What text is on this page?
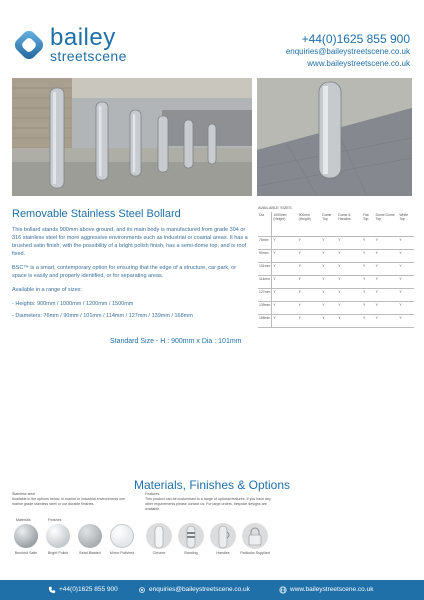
bailey
streetscene
+44(0)1625 855 900
enquiries@baileystreetscene.co.uk
www.baileystreetscene.co.uk
Removable Stainless Steel Bollard

This bollard stands 900mm above ground, and its main body is manufactured from grade 304 or 316 stainless steel for more aggressive environments such as industrial or coastal areas. It has a brushed satin finish, with the possibility of a bright polish finish, has a semi-dome top, and is roof fixed.

BSC™ is a smart, contemporary option for ensuring that the edge of a structure, car park, or space is easily and properly identified, or for separating areas.

Available in a range of sizes:

- Heights: 900mm / 1000mm / 1200mm / 1500mm

- Diameters: 76mm / 90mm / 101mm / 114mm / 127mm / 139mm / 168mm

Standard Size - H : 900mm x Dia : 101mm
AVAILABLE SIZES
Dia	1000mm (Height)	900mm (Height)	Dome Top	Dome & Handles	Flat Top	Dome Dome Top	White Top
76mm	Y	Y	Y	Y	Y	Y	Y
90mm	Y	Y	Y	Y	Y	Y	Y
101mm	Y	Y	Y	Y	Y	Y	Y
114mm	Y	Y	Y	Y	Y	Y	Y
127mm	Y	Y	Y	Y	Y	Y	Y
139mm	Y	Y	Y	Y	Y	Y	Y
168mm	Y	Y	Y	Y	Y	Y	Y
Materials, Finishes & Options
Stainless steel
Available in the options below. In marine or industrial environments use marine grade stainless steel or our durable finishes.
Features
This product can be customised to a range of optional features. If you have any other requirements please contact us. For large orders, bespoke designs are available.
Materials	Finishes
Brushed Satin	Bright Polish	Bead Blasted	Mirror Polished	Chrome	Banding	Handles	Padlocks Supplied
+44(0)1625 855 900	enquiries@baileystreetscene.co.uk	www.baileystreetscene.co.uk
